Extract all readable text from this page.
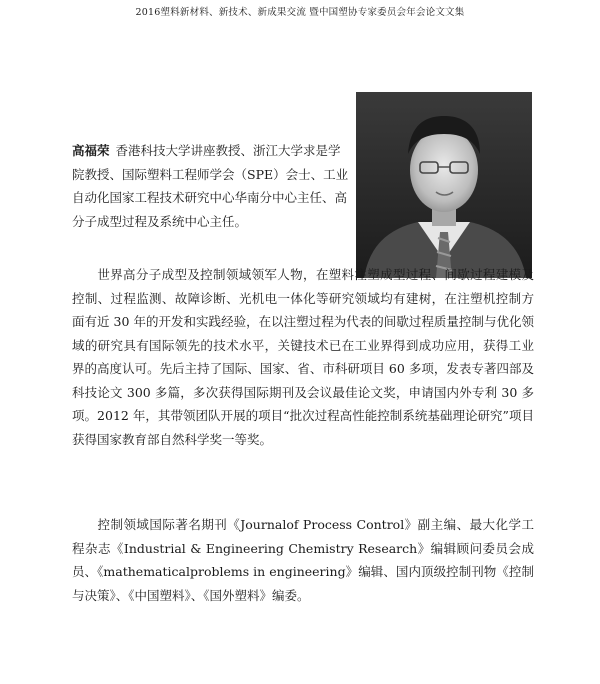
2016塑料新材料、新技术、新成果交流 暨中国塑协专家委员会年会论文文集
高福荣 香港科技大学讲座教授、浙江大学求是学院教授、国际塑料工程师学会（SPE）会士、工业自动化国家工程技术研究中心华南分中心主任、高分子成型过程及系统中心主任。
世界高分子成型及控制领域领军人物，在塑料注塑成型过程、间歇过程建模及控制、过程监测、故障诊断、光机电一体化等研究领域均有建树，在注塑机控制方面有近 30 年的开发和实践经验，在以注塑过程为代表的间歇过程质量控制与优化领域的研究具有国际领先的技术水平，关键技术已在工业界得到成功应用，获得工业界的高度认可。先后主持了国际、国家、省、市科研项目 60 多项，发表专著四部及科技论文 300 多篇，多次获得国际期刊及会议最佳论文奖，申请国内外专利 30 多项。2012 年，其带领团队开展的项目“批次过程高性能控制系统基础理论研究”项目获得国家教育部自然科学奖一等奖。
控制领域国际著名期刊《Journalof Process Control》副主编、最大化学工程杂志《Industrial & Engineering Chemistry Research》编辑顾问委员会成员、《mathematicalproblems in engineering》编辑、国内顶级控制刊物《控制与决策》、《中国塑料》、《国外塑料》编委。
